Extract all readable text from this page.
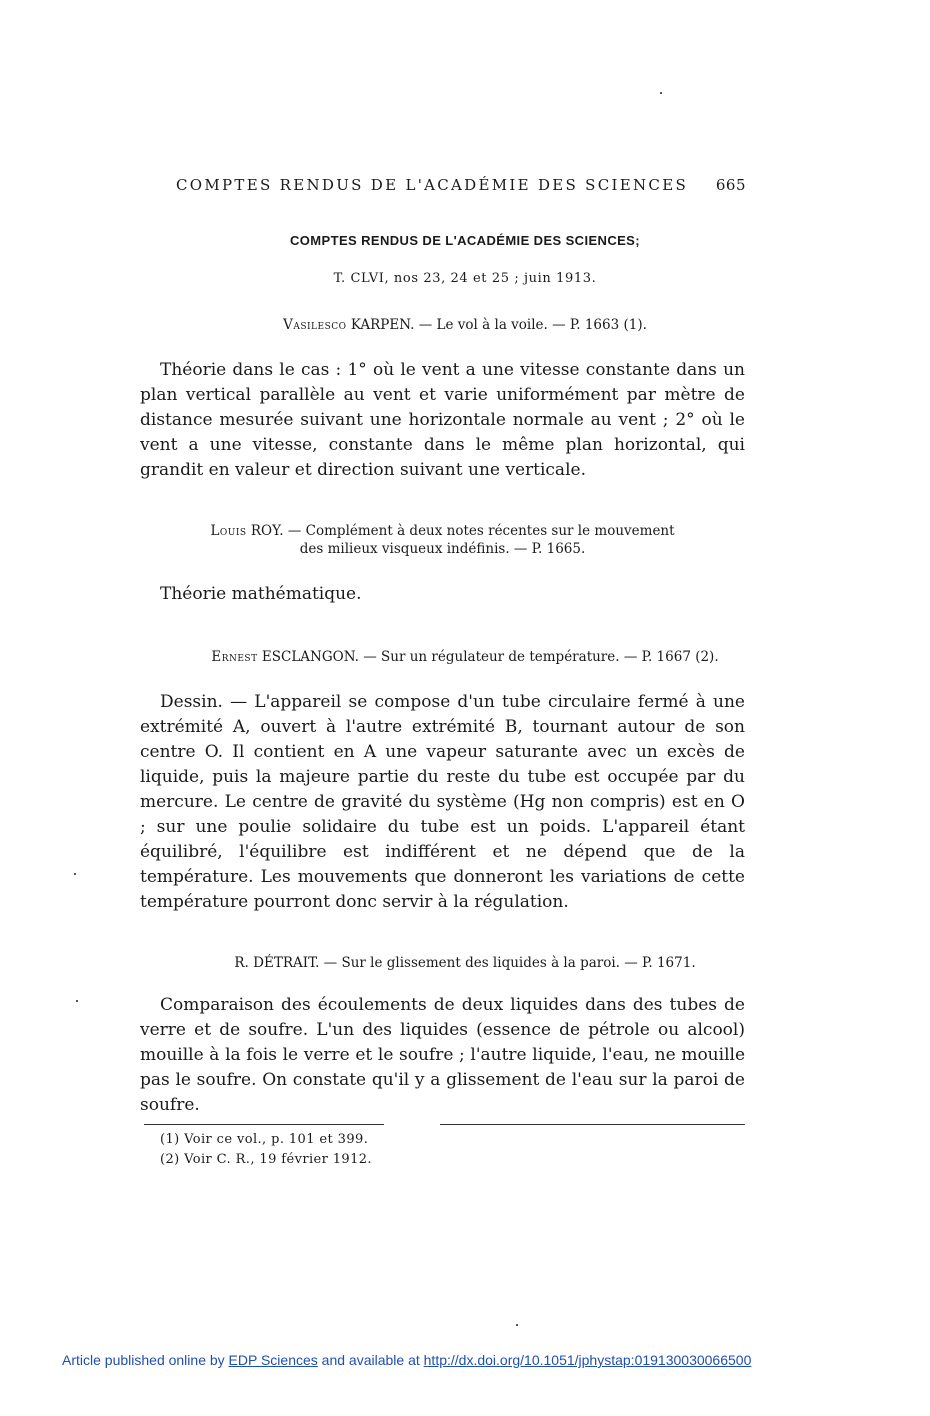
COMPTES RENDUS DE L'ACADÉMIE DES SCIENCES 665
COMPTES RENDUS DE L'ACADÉMIE DES SCIENCES;
T. CLVI, nos 23, 24 et 25 ; juin 1913.
Vasilesco KARPEN. — Le vol à la voile. — P. 1663 (1).
Théorie dans le cas : 1° où le vent a une vitesse constante dans un plan vertical parallèle au vent et varie uniformément par mètre de distance mesurée suivant une horizontale normale au vent ; 2° où le vent a une vitesse, constante dans le même plan horizontal, qui grandit en valeur et direction suivant une verticale.
Louis ROY. — Complément à deux notes récentes sur le mouvement
des milieux visqueux indéfinis. — P. 1665.
Théorie mathématique.
Ernest ESCLANGON. — Sur un régulateur de température. — P. 1667 (2).
Dessin. — L'appareil se compose d'un tube circulaire fermé à une extrémité A, ouvert à l'autre extrémité B, tournant autour de son centre O. Il contient en A une vapeur saturante avec un excès de liquide, puis la majeure partie du reste du tube est occupée par du mercure. Le centre de gravité du système (Hg non compris) est en O ; sur une poulie solidaire du tube est un poids. L'appareil étant équilibré, l'équilibre est indifférent et ne dépend que de la température. Les mouvements que donneront les variations de cette température pourront donc servir à la régulation.
R. DÉTRAIT. — Sur le glissement des liquides à la paroi. — P. 1671.
Comparaison des écoulements de deux liquides dans des tubes de verre et de soufre. L'un des liquides (essence de pétrole ou alcool) mouille à la fois le verre et le soufre ; l'autre liquide, l'eau, ne mouille pas le soufre. On constate qu'il y a glissement de l'eau sur la paroi de soufre.
(1) Voir ce vol., p. 101 et 399.
(2) Voir C. R., 19 février 1912.
Article published online by EDP Sciences and available at http://dx.doi.org/10.1051/jphystap:019130030066500
